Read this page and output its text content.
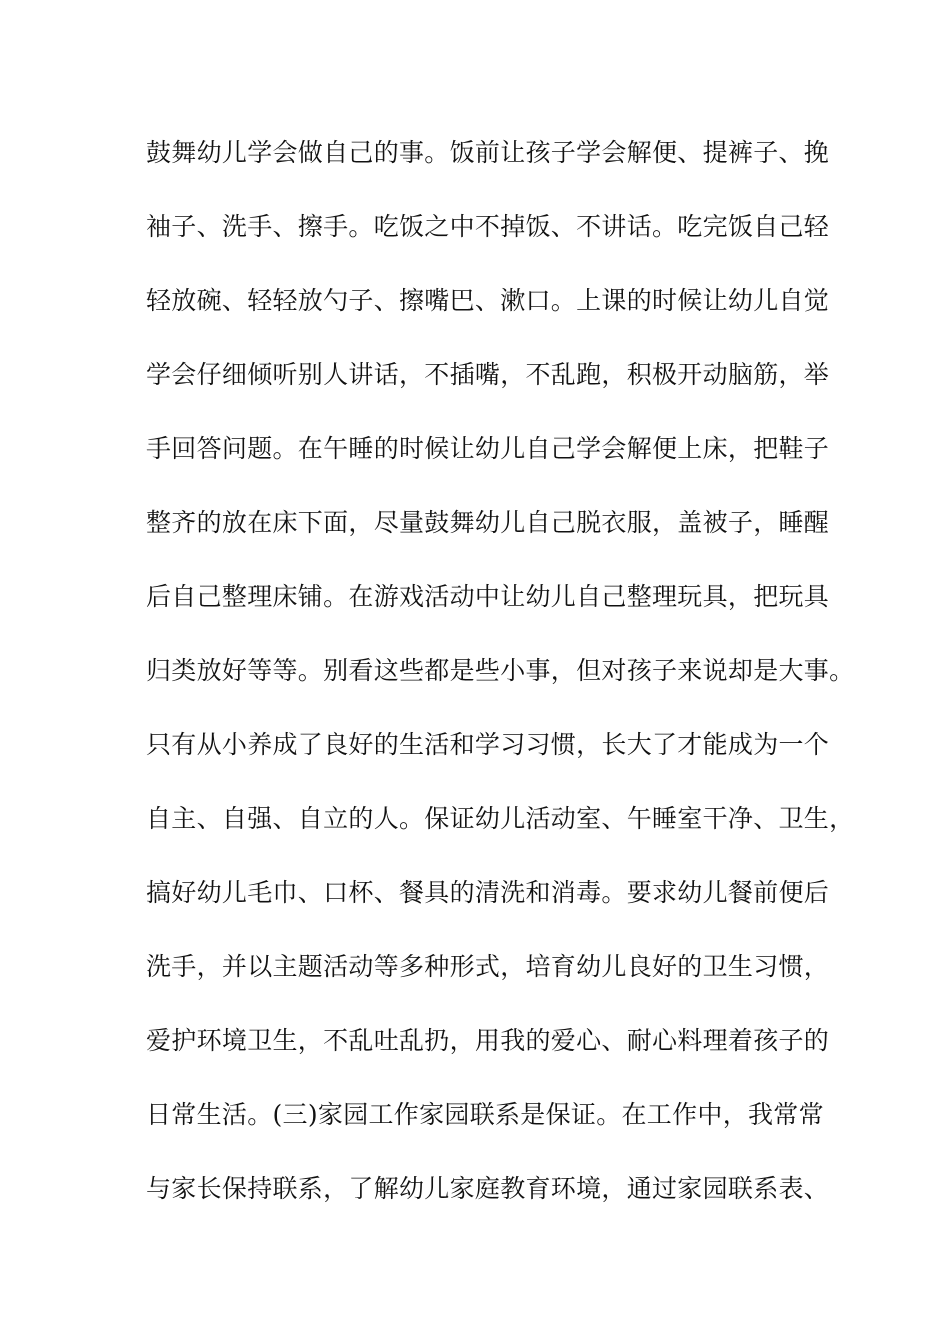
鼓舞幼儿学会做自己的事。饭前让孩子学会解便、提裤子、挽
袖子、洗手、擦手。吃饭之中不掉饭、不讲话。吃完饭自己轻
轻放碗、轻轻放勺子、擦嘴巴、漱口。上课的时候让幼儿自觉
学会仔细倾听别人讲话，不插嘴，不乱跑，积极开动脑筋，举
手回答问题。在午睡的时候让幼儿自己学会解便上床，把鞋子
整齐的放在床下面，尽量鼓舞幼儿自己脱衣服，盖被子，睡醒
后自己整理床铺。在游戏活动中让幼儿自己整理玩具，把玩具
归类放好等等。别看这些都是些小事，但对孩子来说却是大事。
只有从小养成了良好的生活和学习习惯，长大了才能成为一个
自主、自强、自立的人。保证幼儿活动室、午睡室干净、卫生，
搞好幼儿毛巾、口杯、餐具的清洗和消毒。要求幼儿餐前便后
洗手，并以主题活动等多种形式，培育幼儿良好的卫生习惯，
爱护环境卫生，不乱吐乱扔，用我的爱心、耐心料理着孩子的
日常生活。(三)家园工作家园联系是保证。在工作中，我常常
与家长保持联系，了解幼儿家庭教育环境，通过家园联系表、
